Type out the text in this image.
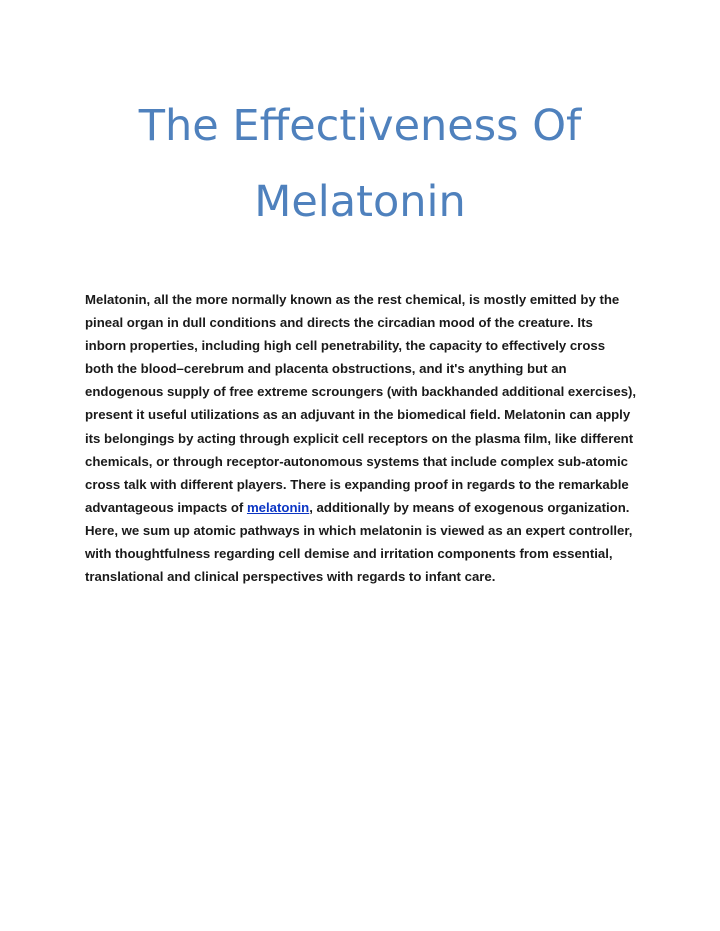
The Effectiveness Of
Melatonin

Melatonin, all the more normally known as the rest chemical, is mostly emitted by the pineal organ in dull conditions and directs the circadian mood of the creature. Its inborn properties, including high cell penetrability, the capacity to effectively cross both the blood–cerebrum and placenta obstructions, and it's anything but an endogenous supply of free extreme scroungers (with backhanded additional exercises), present it useful utilizations as an adjuvant in the biomedical field. Melatonin can apply its belongings by acting through explicit cell receptors on the plasma film, like different chemicals, or through receptor-autonomous systems that include complex sub-atomic cross talk with different players. There is expanding proof in regards to the remarkable advantageous impacts of melatonin, additionally by means of exogenous organization. Here, we sum up atomic pathways in which melatonin is viewed as an expert controller, with thoughtfulness regarding cell demise and irritation components from essential, translational and clinical perspectives with regards to infant care.
